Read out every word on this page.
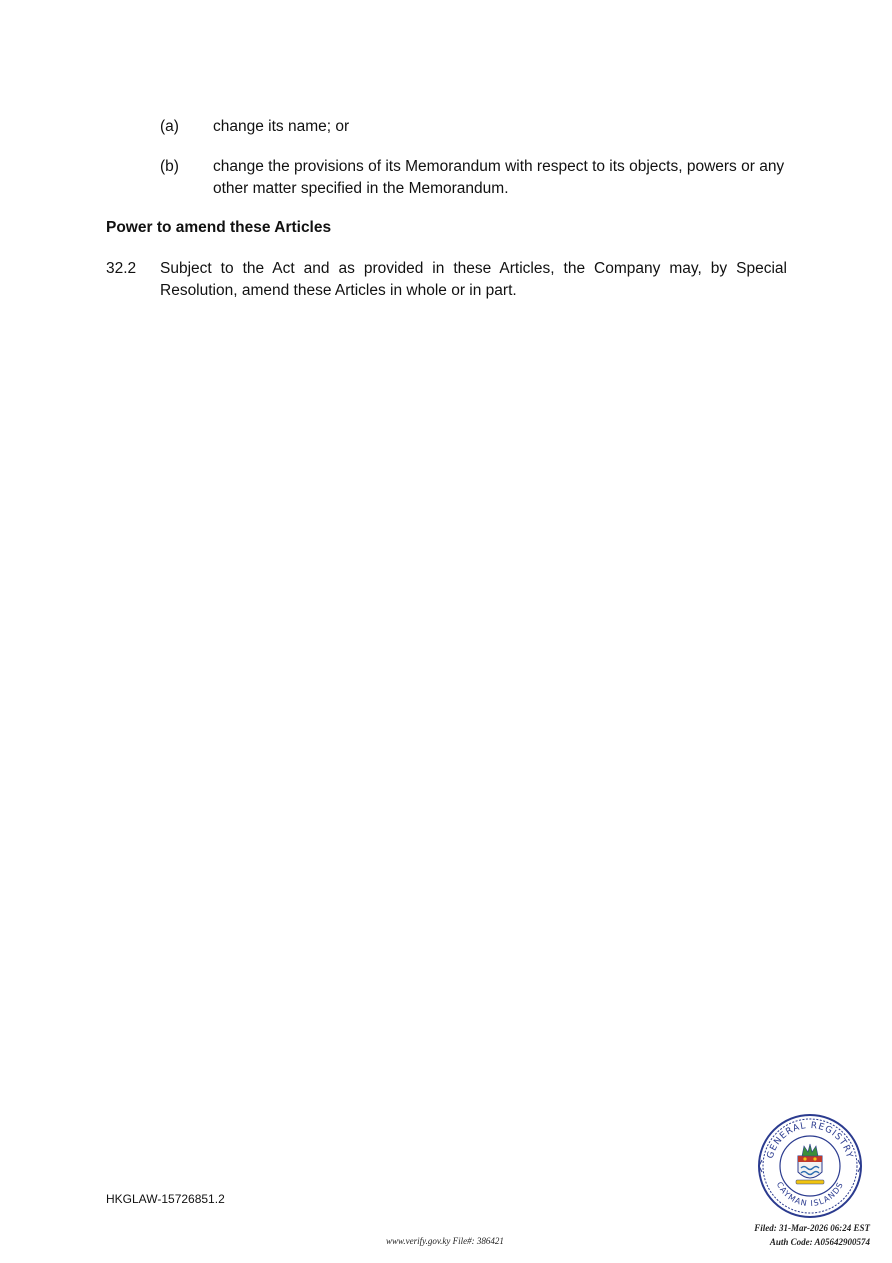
(a) change its name; or
(b) change the provisions of its Memorandum with respect to its objects, powers or any
other matter specified in the Memorandum.
Power to amend these Articles
32.2 Subject to the Act and as provided in these Articles, the Company may, by Special
Resolution, amend these Articles in whole or in part.
HKGLAW-15726851.2
GENERAL REGISTRY
CAYMAN ISLANDS
www.verify.gov.ky File#: 386421
Filed: 31-Mar-2026 06:24 EST
Auth Code: A05642900574
